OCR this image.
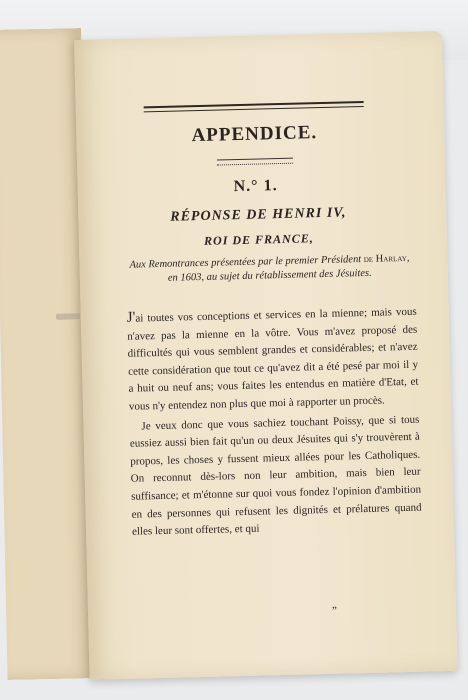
APPENDICE.
N.° 1.
RÉPONSE DE HENRI IV,
ROI DE FRANCE,

Aux Remontrances présentées par le premier Président de Harlay, en 1603, au sujet du rétablissement des Jésuites.

J'ai toutes vos conceptions et services en la mienne; mais vous n'avez pas la mienne en la vôtre. Vous m'avez proposé des difficultés qui vous semblent grandes et considérables; et n'avez cette considération que tout ce qu'avez dit a été pesé par moi il y a huit ou neuf ans; vous faites les entendus en matière d'Etat, et vous n'y entendez non plus que moi à rapporter un procès.

Je veux donc que vous sachiez touchant Poissy, que si tous eussiez aussi bien fait qu'un ou deux Jésuites qui s'y trouvèrent à propos, les choses y fussent mieux allées pour les Catholiques. On reconnut dès-lors non leur ambition, mais bien leur suffisance; et m'étonne sur quoi vous fondez l'opinion d'ambition en des personnes qui refusent les dignités et prélatures quand elles leur sont offertes, et qui

„
